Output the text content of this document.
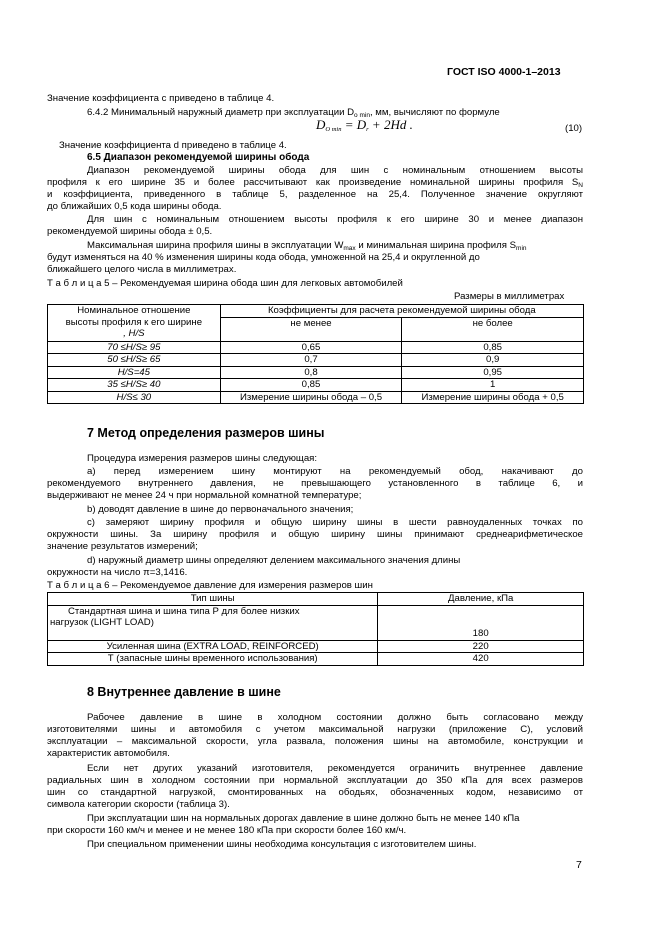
ГОСТ ISO 4000-1–2013
Значение коэффициента c приведено в таблице 4.
6.4.2 Минимальный наружный диаметр при эксплуатации $D_{o min}$, мм, вычисляют по формуле
$D_{O min} = D_r + 2Hd$ .	(10)
Значение коэффициента d приведено в таблице 4.
6.5 Диапазон рекомендуемой ширины обода
Диапазон рекомендуемой ширины обода для шин с номинальным отношением высоты
профиля к его ширине 35 и более рассчитывают как произведение номинальной ширины профиля $S_N$
и коэффициента, приведенного в таблице 5, разделенное на 25,4. Полученное значение округляют
до ближайших 0,5 кода ширины обода.
Для шин с номинальным отношением высоты профиля к его ширине 30 и менее диапазон
рекомендуемой ширины обода ± 0,5.
Максимальная ширина профиля шины в эксплуатации $W_{max}$ и минимальная ширина профиля $S_{min}$
будут изменяться на 40 % изменения ширины кода обода, умноженной на 25,4 и округленной до
ближайшего целого числа в миллиметрах.
Т а б л и ц а 5 – Рекомендуемая ширина обода шин для легковых автомобилей
Размеры в миллиметрах
Номинальное отношение
высоты профиля к его ширине
, H/S	Коэффициенты для расчета рекомендуемой ширины обода	
	не менее	не более
70 ≤H/S≥ 95	0,65	0,85
50 ≤H/S≥ 65	0,7	0,9
H/S=45	0,8	0,95
35 ≤H/S≥ 40	0,85	1
H/S≤ 30	Измерение ширины обода – 0,5	Измерение ширины обода + 0,5
7 Метод определения размеров шины
Процедура измерения размеров шины следующая:
а) перед измерением шину монтируют на рекомендуемый обод, накачивают до
рекомендуемого внутреннего давления, не превышающего установленного в таблице 6, и
выдерживают не менее 24 ч при нормальной комнатной температуре;
b) доводят давление в шине до первоначального значения;
с) замеряют ширину профиля и общую ширину шины в шести равноудаленных точках по
окружности шины. За ширину профиля и общую ширину шины принимают среднеарифметическое
значение результатов измерений;
d) наружный диаметр шины определяют делением максимального значения длины
окружности на число π=3,1416.
Т а б л и ц а 6 – Рекомендуемое давление для измерения размеров шин
Тип шины	Давление, кПа

Стандартная шина и шина типа Р для более низких
нагрузок (LIGHT LOAD)	180
Усиленная шина (EXTRA LOAD, REINFORCED)	220
Т (запасные шины временного использования)	420
8 Внутреннее давление в шине
Рабочее давление в шине в холодном состоянии должно быть согласовано между
изготовителями шины и автомобиля с учетом максимальной нагрузки (приложение С), условий
эксплуатации – максимальной скорости, угла развала, положения шины на автомобиле, конструкции и
характеристик автомобиля.
Если нет других указаний изготовителя, рекомендуется ограничить внутреннее давление
радиальных шин в холодном состоянии при нормальной эксплуатации до 350 кПа для всех размеров
шин со стандартной нагрузкой, смонтированных на ободьях, обозначенных кодом, независимо от
символа категории скорости (таблица 3).
При эксплуатации шин на нормальных дорогах давление в шине должно быть не менее 140 кПа
при скорости 160 км/ч и менее и не менее 180 кПа при скорости более 160 км/ч.
При специальном применении шины необходима консультация с изготовителем шины.
7
